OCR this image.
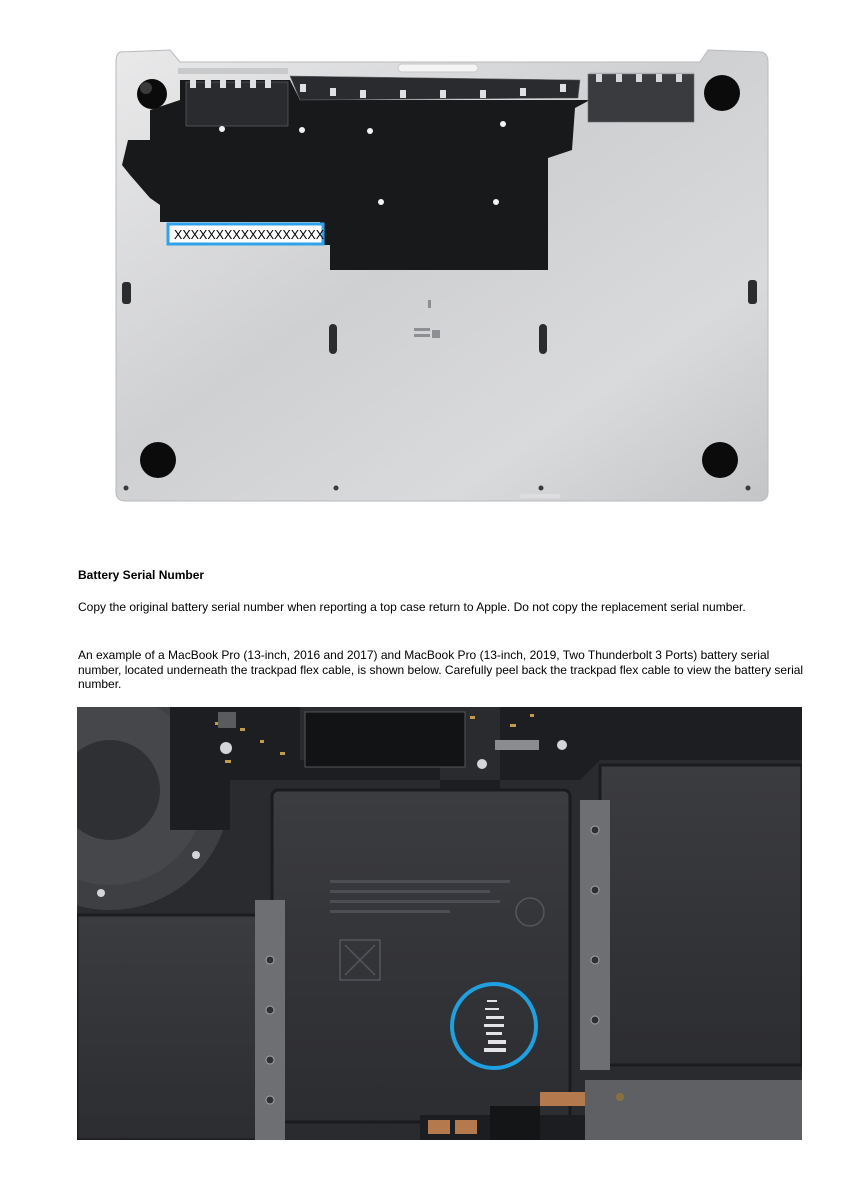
XXXXXXXXXXXXXXXXXX
Battery Serial Number

Copy the original battery serial number when reporting a top case return to Apple. Do not copy the replacement serial number.

An example of a MacBook Pro (13-inch, 2016 and 2017) and MacBook Pro (13-inch, 2019, Two Thunderbolt 3 Ports) battery serial number, located underneath the trackpad flex cable, is shown below. Carefully peel back the trackpad flex cable to view the battery serial number.
